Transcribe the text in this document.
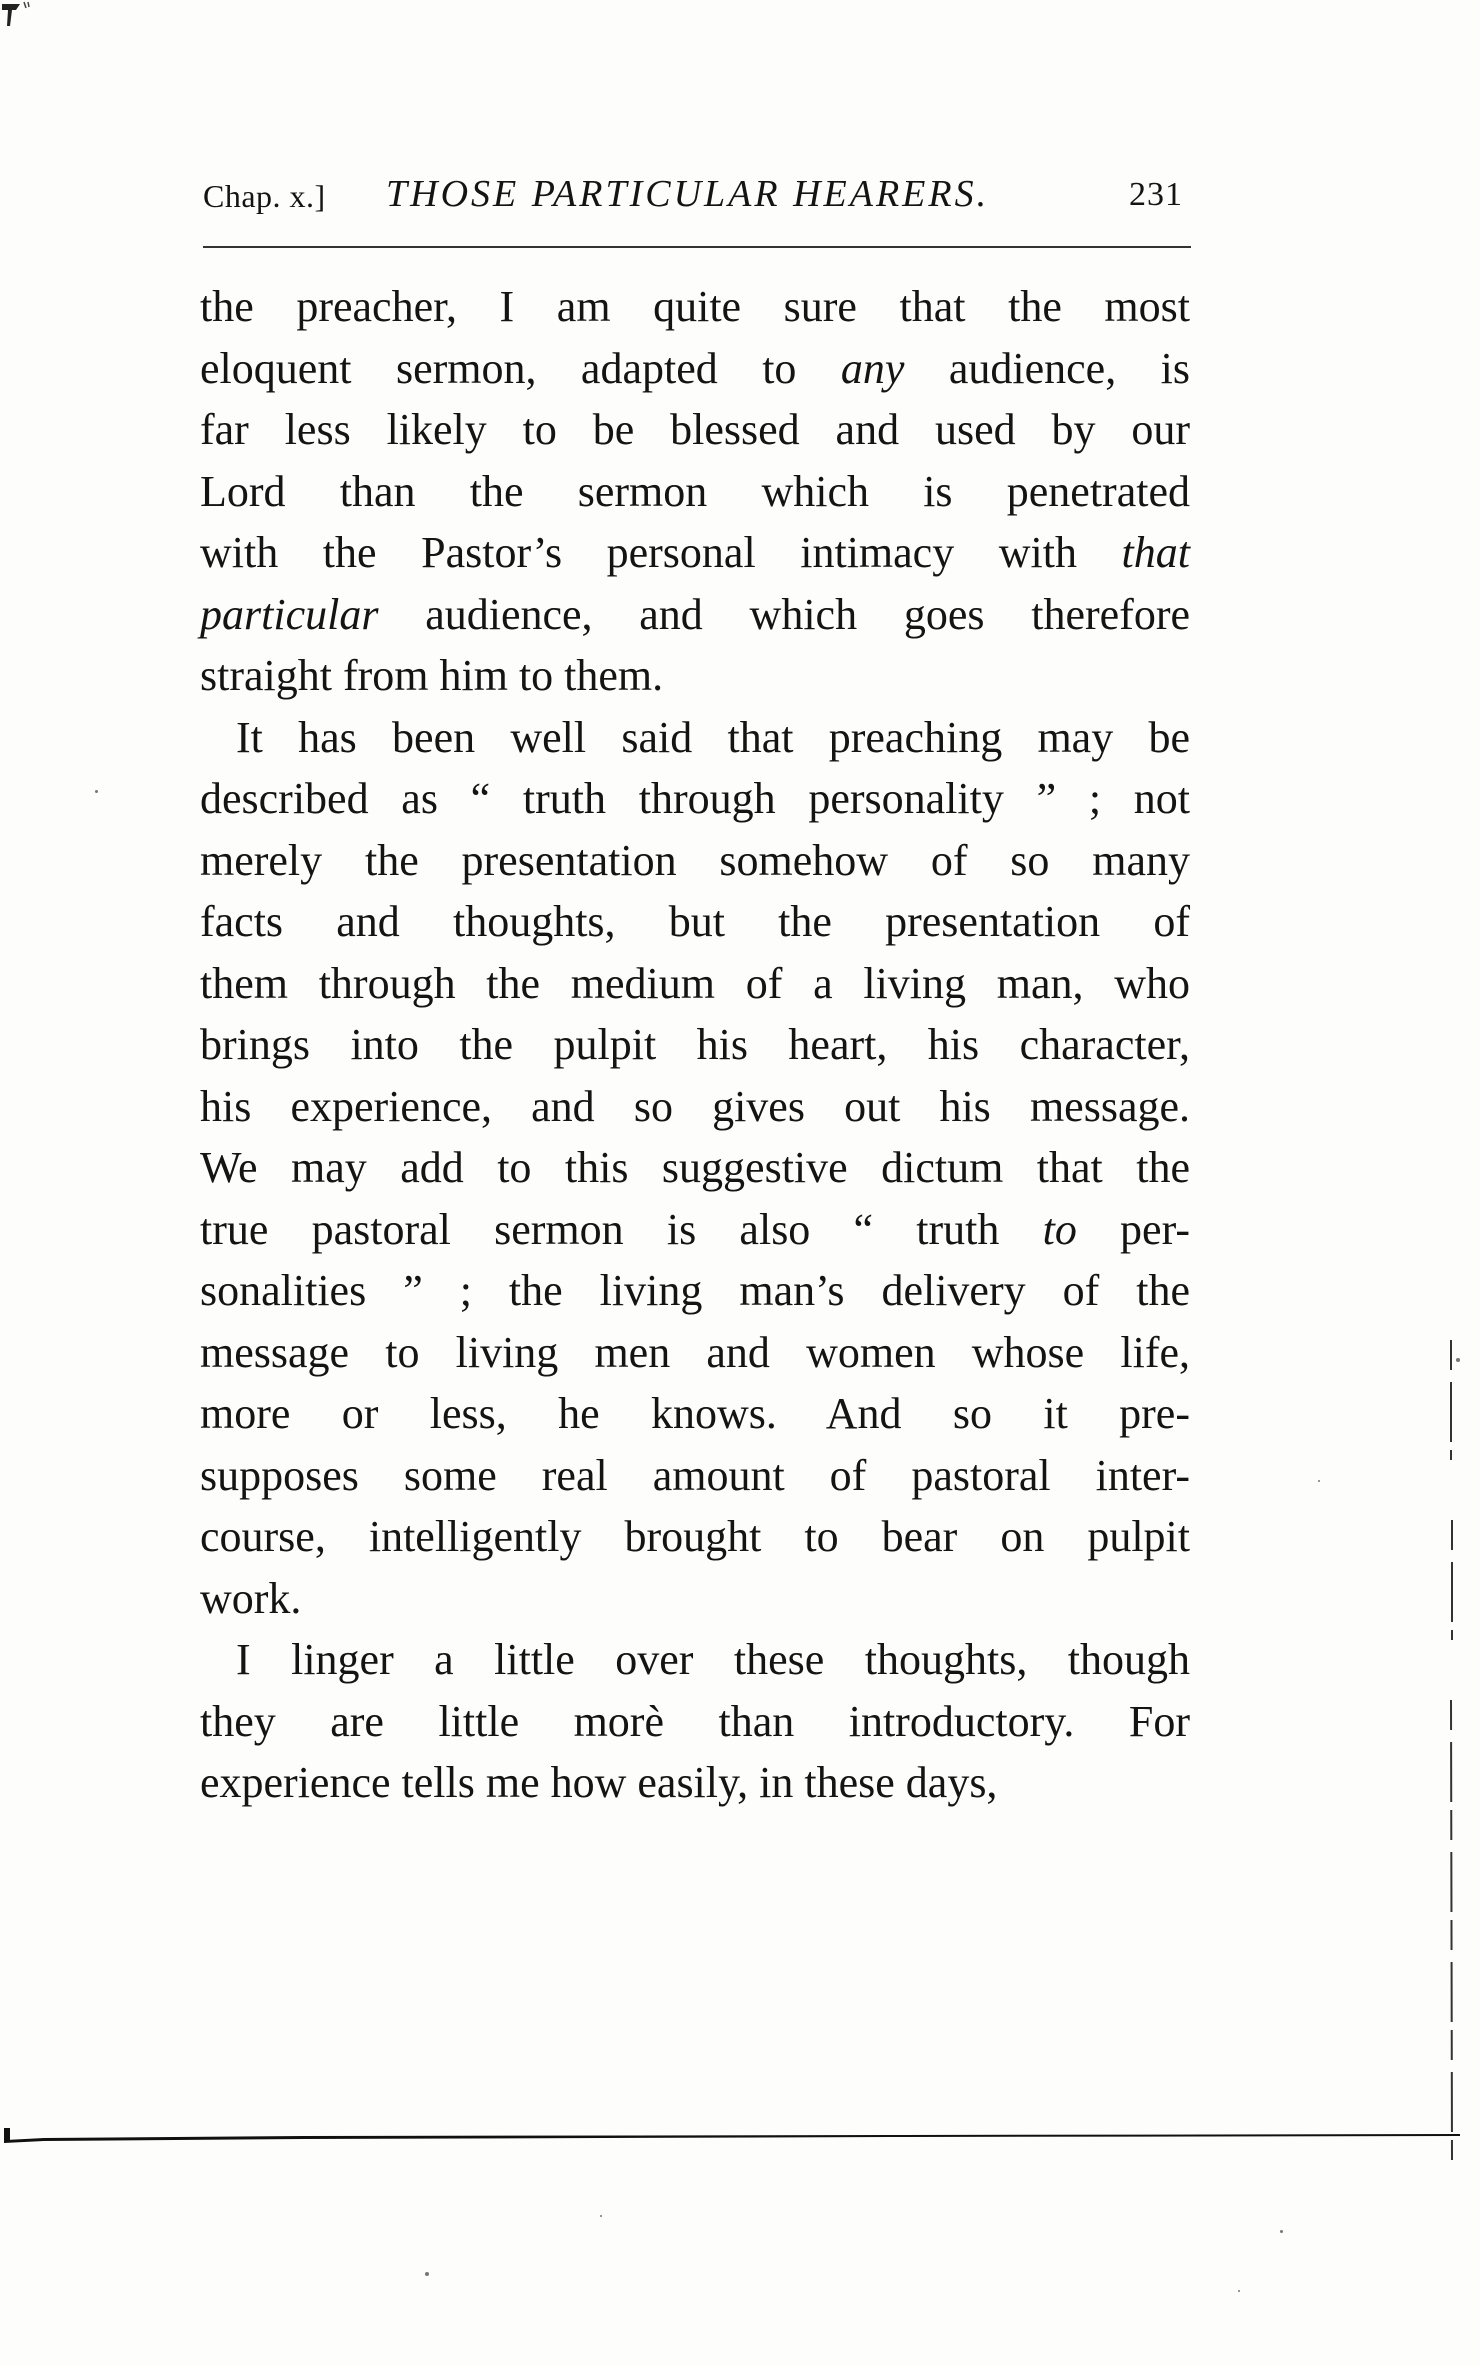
Chap. x.] THOSE PARTICULAR HEARERS.	231

the preacher, I am quite sure that the most
eloquent sermon, adapted to any audience, is
far less likely to be blessed and used by our
Lord than the sermon which is penetrated
with the Pastor’s personal intimacy with that
particular audience, and which goes therefore
straight from him to them.

It has been well said that preaching may be
described as “ truth through personality ” ; not
merely the presentation somehow of so many
facts and thoughts, but the presentation of
them through the medium of a living man, who
brings into the pulpit his heart, his character,
his experience, and so gives out his message.
We may add to this suggestive dictum that the
true pastoral sermon is also “ truth to per-
sonalities ” ; the living man’s delivery of the
message to living men and women whose life,
more or less, he knows. And so it pre-
supposes some real amount of pastoral inter-
course, intelligently brought to bear on pulpit
work.

I linger a little over these thoughts, though
they are little morè than introductory. For
experience tells me how easily, in these days,
